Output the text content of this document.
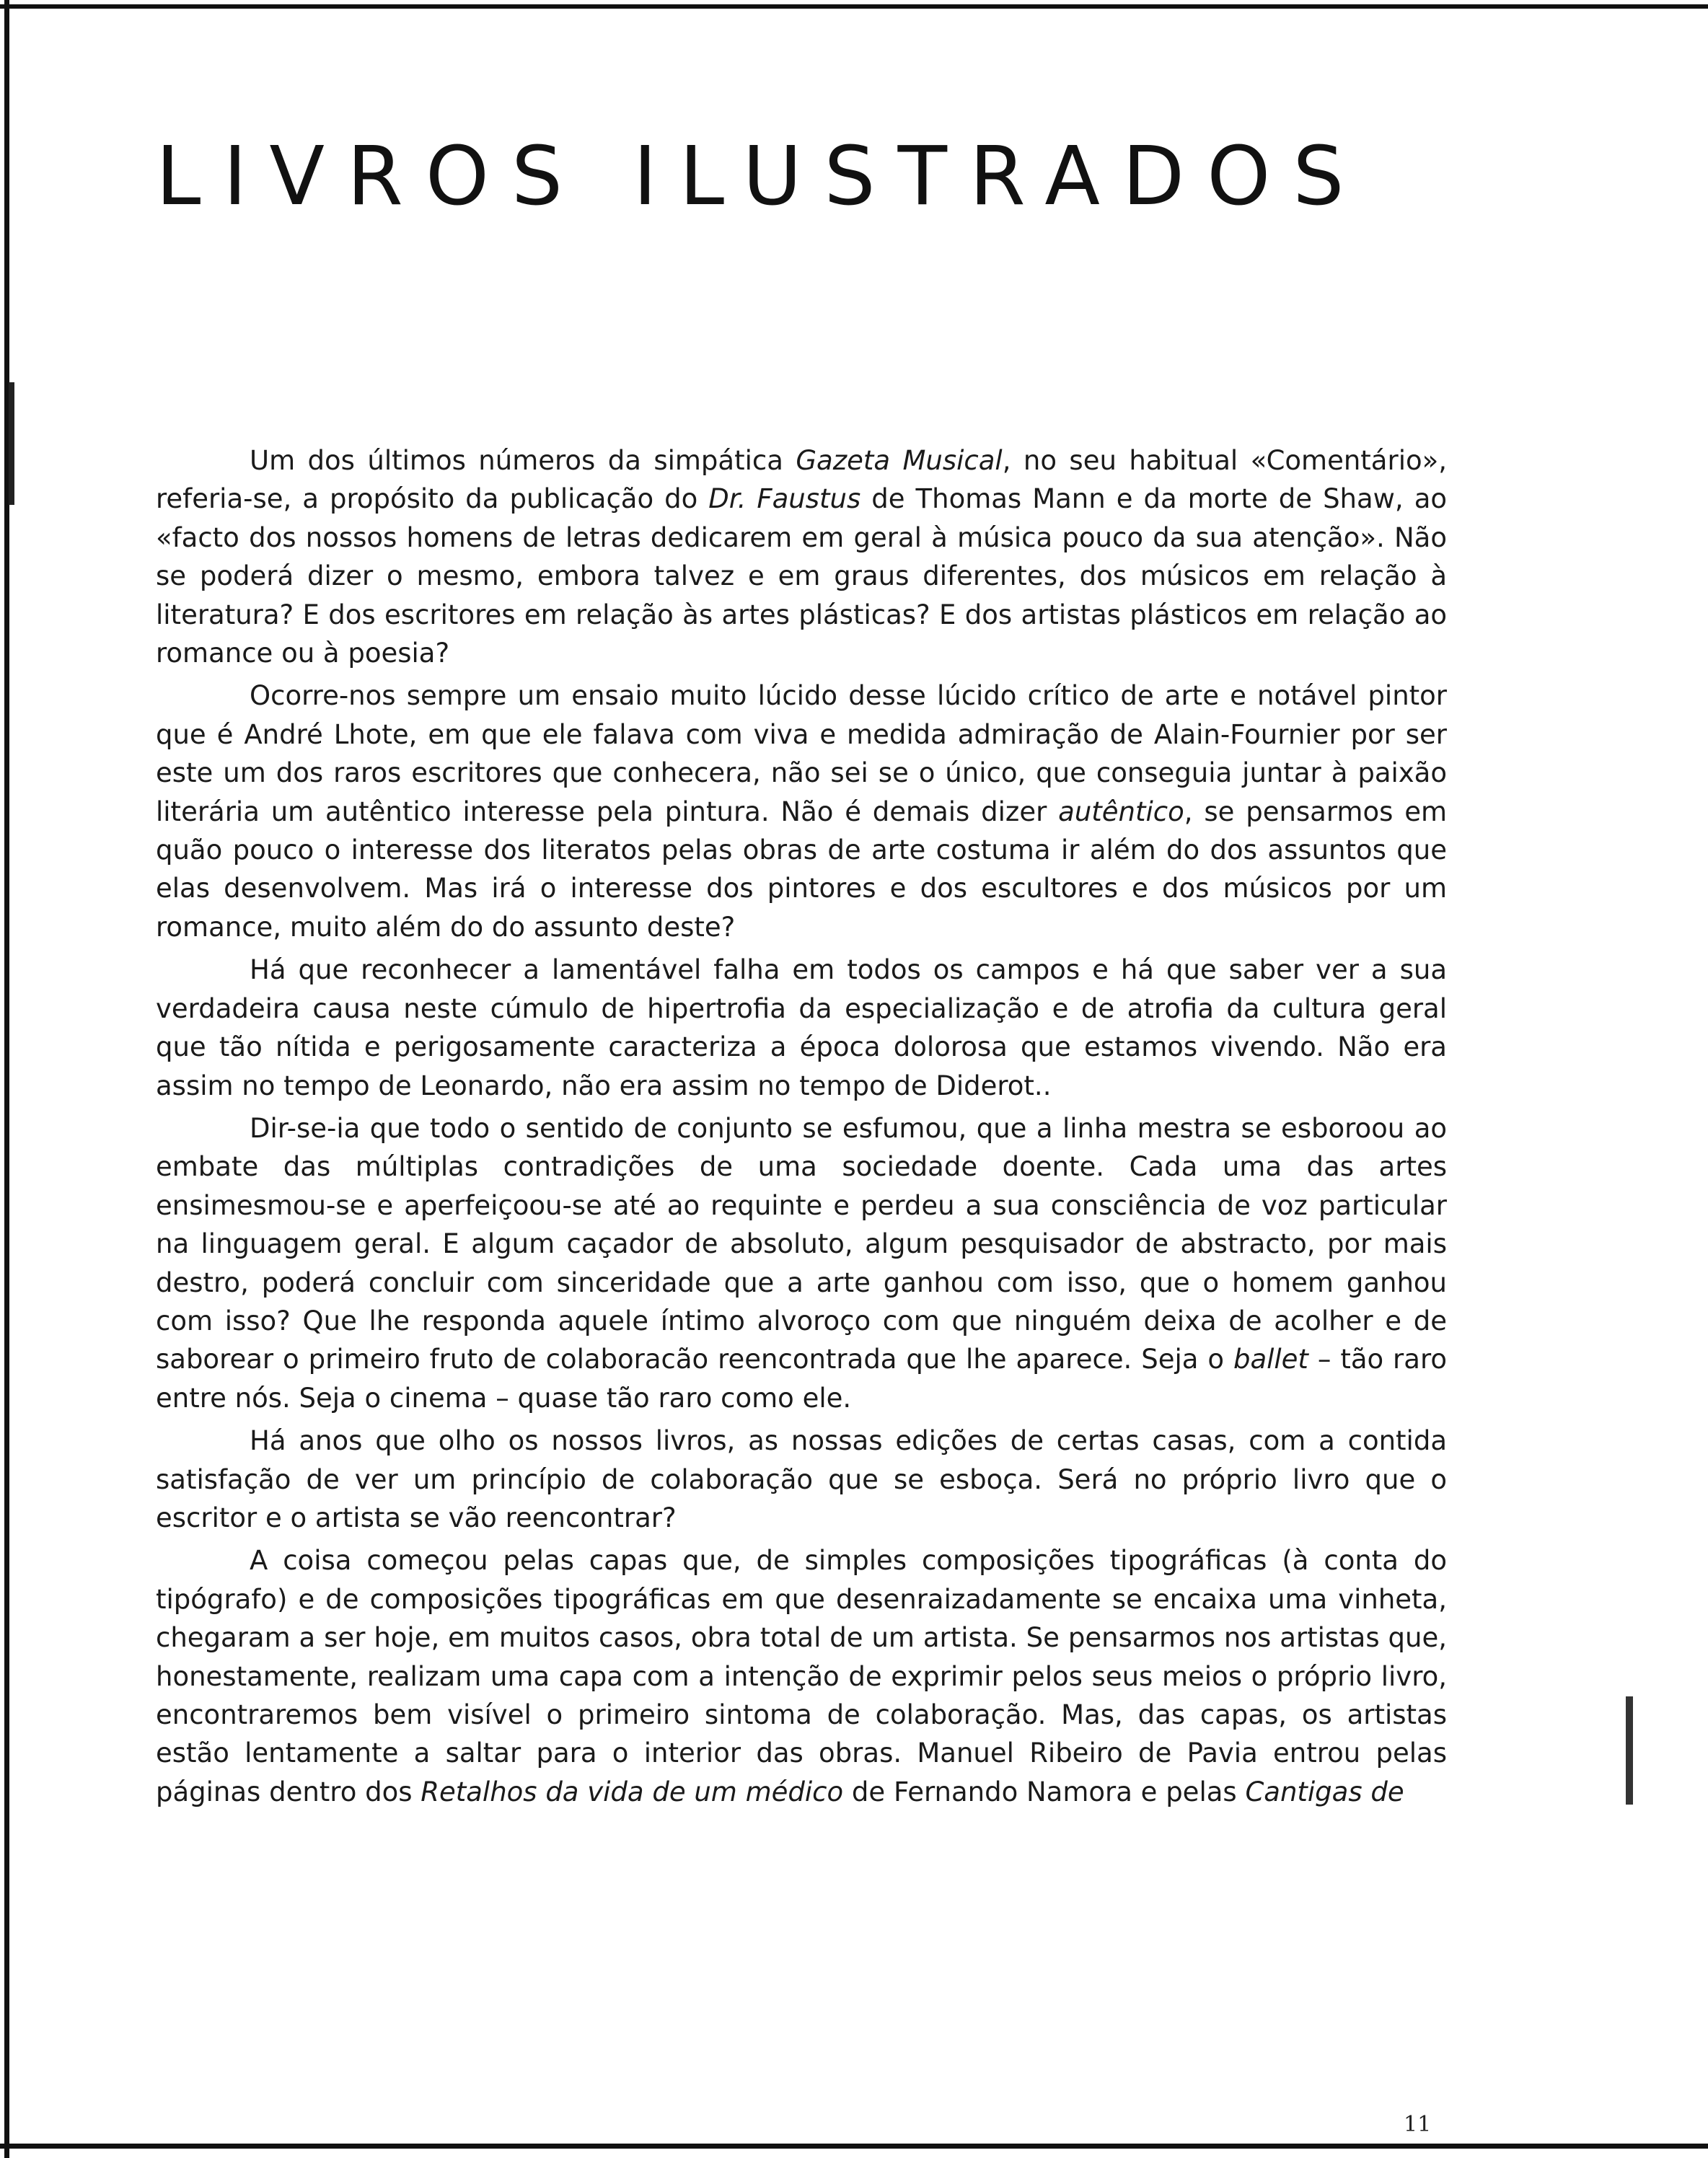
LIVROS ILUSTRADOS

Um dos últimos números da simpática Gazeta Musical, no seu habitual «Comentário», referia-se, a propósito da publicação do Dr. Faustus de Thomas Mann e da morte de Shaw, ao «facto dos nossos homens de letras dedicarem em geral à música pouco da sua atenção». Não se poderá dizer o mesmo, embora talvez e em graus diferentes, dos músicos em relação à literatura? E dos escritores em relação às artes plásticas? E dos artistas plásticos em relação ao romance ou à poesia?

Ocorre-nos sempre um ensaio muito lúcido desse lúcido crítico de arte e notável pintor que é André Lhote, em que ele falava com viva e medida admiração de Alain-Fournier por ser este um dos raros escritores que conhecera, não sei se o único, que conseguia juntar à paixão literária um autêntico interesse pela pintura. Não é demais dizer autêntico, se pensarmos em quão pouco o interesse dos literatos pelas obras de arte costuma ir além do dos assuntos que elas desenvolvem. Mas irá o interesse dos pintores e dos escultores e dos músicos por um romance, muito além do do assunto deste?

Há que reconhecer a lamentável falha em todos os campos e há que saber ver a sua verdadeira causa neste cúmulo de hipertrofia da especialização e de atrofia da cultura geral que tão nítida e perigosamente caracteriza a época dolorosa que estamos vivendo. Não era assim no tempo de Leonardo, não era assim no tempo de Diderot..

Dir-se-ia que todo o sentido de conjunto se esfumou, que a linha mestra se esboroou ao embate das múltiplas contradições de uma sociedade doente. Cada uma das artes ensimesmou-se e aperfeiçoou-se até ao requinte e perdeu a sua consciência de voz particular na linguagem geral. E algum caçador de absoluto, algum pesquisador de abstracto, por mais destro, poderá concluir com sinceridade que a arte ganhou com isso, que o homem ganhou com isso? Que lhe responda aquele íntimo alvoroço com que ninguém deixa de acolher e de saborear o primeiro fruto de colaboracão reencontrada que lhe aparece. Seja o ballet – tão raro entre nós. Seja o cinema – quase tão raro como ele.

Há anos que olho os nossos livros, as nossas edições de certas casas, com a contida satisfação de ver um princípio de colaboração que se esboça. Será no próprio livro que o escritor e o artista se vão reencontrar?

A coisa começou pelas capas que, de simples composições tipográficas (à conta do tipógrafo) e de composições tipográficas em que desenraizadamente se encaixa uma vinheta, chegaram a ser hoje, em muitos casos, obra total de um artista. Se pensarmos nos artistas que, honestamente, realizam uma capa com a intenção de exprimir pelos seus meios o próprio livro, encontraremos bem visível o primeiro sintoma de colaboração. Mas, das capas, os artistas estão lentamente a saltar para o interior das obras. Manuel Ribeiro de Pavia entrou pelas páginas dentro dos Retalhos da vida de um médico de Fernando Namora e pelas Cantigas de

11
